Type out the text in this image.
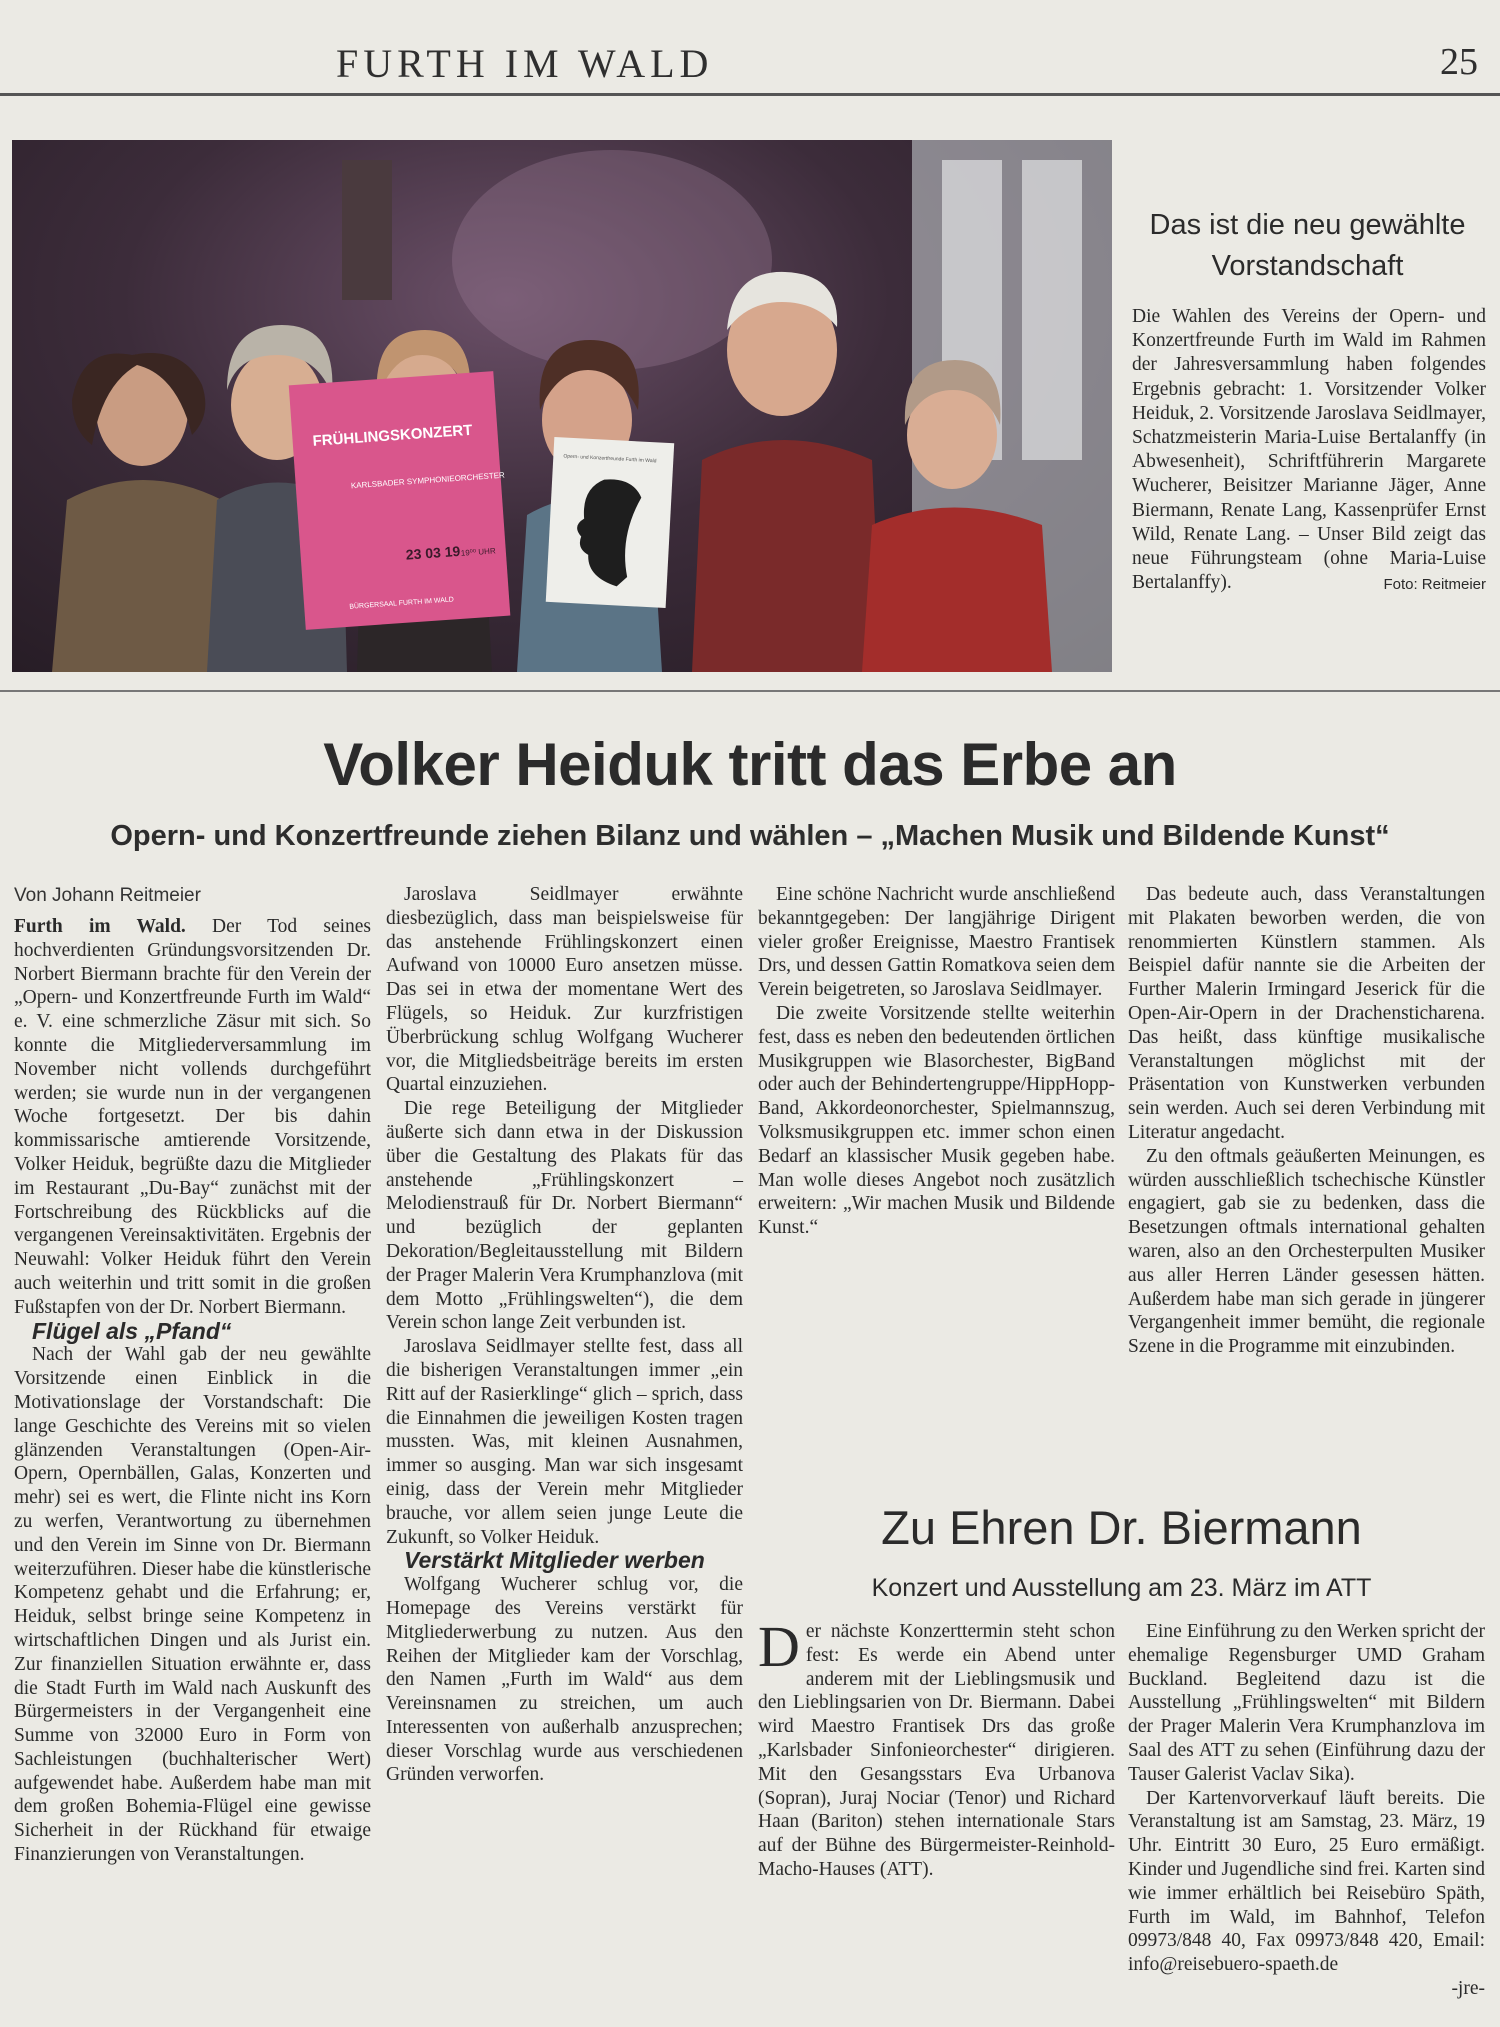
FURTH IM WALD	25
FRÜHLINGSKONZERT
KARLSBADER SYMPHONIEORCHESTER
23 03 19 19⁰⁰ UHR
BÜRGERSAAL FURTH IM WALD
Opern- und Konzertfreunde Furth im Wald
Das ist die neu gewählte Vorstandschaft
Die Wahlen des Vereins der Opern- und Konzertfreunde Furth im Wald im Rahmen der Jahresversammlung haben folgendes Ergebnis gebracht: 1. Vorsitzender Volker Heiduk, 2. Vorsitzende Jaroslava Seidlmayer, Schatzmeisterin Maria-Luise Bertalanffy (in Abwesenheit), Schriftführerin Margarete Wucherer, Beisitzer Marianne Jäger, Anne Biermann, Renate Lang, Kassenprüfer Ernst Wild, Renate Lang. – Unser Bild zeigt das neue Führungsteam (ohne Maria-Luise Bertalanffy).	Foto: Reitmeier
Volker Heiduk tritt das Erbe an
Opern- und Konzertfreunde ziehen Bilanz und wählen – „Machen Musik und Bildende Kunst“
Von Johann Reitmeier

Furth im Wald. Der Tod seines hochverdienten Gründungsvorsitzenden Dr. Norbert Biermann brachte für den Verein der „Opern- und Konzertfreunde Furth im Wald“ e. V. eine schmerzliche Zäsur mit sich. So konnte die Mitgliederversammlung im November nicht vollends durchgeführt werden; sie wurde nun in der vergangenen Woche fortgesetzt. Der bis dahin kommissarische amtierende Vorsitzende, Volker Heiduk, begrüßte dazu die Mitglieder im Restaurant „Du-Bay“ zunächst mit der Fortschreibung des Rückblicks auf die vergangenen Vereinsaktivitäten. Ergebnis der Neuwahl: Volker Heiduk führt den Verein auch weiterhin und tritt somit in die großen Fußstapfen von der Dr. Norbert Biermann.

Flügel als „Pfand“

Nach der Wahl gab der neu gewählte Vorsitzende einen Einblick in die Motivationslage der Vorstandschaft: Die lange Geschichte des Vereins mit so vielen glänzenden Veranstaltungen (Open-Air-Opern, Opernbällen, Galas, Konzerten und mehr) sei es wert, die Flinte nicht ins Korn zu werfen, Verantwortung zu übernehmen und den Verein im Sinne von Dr. Biermann weiterzuführen. Dieser habe die künstlerische Kompetenz gehabt und die Erfahrung; er, Heiduk, selbst bringe seine Kompetenz in wirtschaftlichen Dingen und als Jurist ein. Zur finanziellen Situation erwähnte er, dass die Stadt Furth im Wald nach Auskunft des Bürgermeisters in der Vergangenheit eine Summe von 32000 Euro in Form von Sachleistungen (buchhalterischer Wert) aufgewendet habe. Außerdem habe man mit dem großen Bohemia-Flügel eine gewisse Sicherheit in der Rückhand für etwaige Finanzierungen von Veranstaltungen.

Jaroslava Seidlmayer erwähnte diesbezüglich, dass man beispielsweise für das anstehende Frühlingskonzert einen Aufwand von 10000 Euro ansetzen müsse. Das sei in etwa der momentane Wert des Flügels, so Heiduk. Zur kurzfristigen Überbrückung schlug Wolfgang Wucherer vor, die Mitgliedsbeiträge bereits im ersten Quartal einzuziehen.

Die rege Beteiligung der Mitglieder äußerte sich dann etwa in der Diskussion über die Gestaltung des Plakats für das anstehende „Frühlingskonzert – Melodienstrauß für Dr. Norbert Biermann“ und bezüglich der geplanten Dekoration/Begleitausstellung mit Bildern der Prager Malerin Vera Krumphanzlova (mit dem Motto „Frühlingswelten“), die dem Verein schon lange Zeit verbunden ist.

Jaroslava Seidlmayer stellte fest, dass all die bisherigen Veranstaltungen immer „ein Ritt auf der Rasierklinge“ glich – sprich, dass die Einnahmen die jeweiligen Kosten tragen mussten. Was, mit kleinen Ausnahmen, immer so ausging. Man war sich insgesamt einig, dass der Verein mehr Mitglieder brauche, vor allem seien junge Leute die Zukunft, so Volker Heiduk.

Verstärkt Mitglieder werben

Wolfgang Wucherer schlug vor, die Homepage des Vereins verstärkt für Mitgliederwerbung zu nutzen. Aus den Reihen der Mitglieder kam der Vorschlag, den Namen „Furth im Wald“ aus dem Vereinsnamen zu streichen, um auch Interessenten von außerhalb anzusprechen; dieser Vorschlag wurde aus verschiedenen Gründen verworfen.

Eine schöne Nachricht wurde anschließend bekanntgegeben: Der langjährige Dirigent vieler großer Ereignisse, Maestro Frantisek Drs, und dessen Gattin Romatkova seien dem Verein beigetreten, so Jaroslava Seidlmayer.

Die zweite Vorsitzende stellte weiterhin fest, dass es neben den bedeutenden örtlichen Musikgruppen wie Blasorchester, BigBand oder auch der Behindertengruppe/HippHopp-Band, Akkordeonorchester, Spielmannszug, Volksmusikgruppen etc. immer schon einen Bedarf an klassischer Musik gegeben habe. Man wolle dieses Angebot noch zusätzlich erweitern: „Wir machen Musik und Bildende Kunst.“

Das bedeute auch, dass Veranstaltungen mit Plakaten beworben werden, die von renommierten Künstlern stammen. Als Beispiel dafür nannte sie die Arbeiten der Further Malerin Irmingard Jeserick für die Open-Air-Opern in der Drachensticharena. Das heißt, dass künftige musikalische Veranstaltungen möglichst mit der Präsentation von Kunstwerken verbunden sein werden. Auch sei deren Verbindung mit Literatur angedacht.

Zu den oftmals geäußerten Meinungen, es würden ausschließlich tschechische Künstler engagiert, gab sie zu bedenken, dass die Besetzungen oftmals international gehalten waren, also an den Orchesterpulten Musiker aus aller Herren Länder gesessen hätten. Außerdem habe man sich gerade in jüngerer Vergangenheit immer bemüht, die regionale Szene in die Programme mit einzubinden.

Zu Ehren Dr. Biermann
Konzert und Ausstellung am 23. März im ATT

Der nächste Konzerttermin steht schon fest: Es werde ein Abend unter anderem mit der Lieblingsmusik und den Lieblingsarien von Dr. Biermann. Dabei wird Maestro Frantisek Drs das große „Karlsbader Sinfonieorchester“ dirigieren. Mit den Gesangsstars Eva Urbanova (Sopran), Juraj Nociar (Tenor) und Richard Haan (Bariton) stehen internationale Stars auf der Bühne des Bürgermeister-Reinhold-Macho-Hauses (ATT).

Eine Einführung zu den Werken spricht der ehemalige Regensburger UMD Graham Buckland. Begleitend dazu ist die Ausstellung „Frühlingswelten“ mit Bildern der Prager Malerin Vera Krumphanzlova im Saal des ATT zu sehen (Einführung dazu der Tauser Galerist Vaclav Sika).

Der Kartenvorverkauf läuft bereits. Die Veranstaltung ist am Samstag, 23. März, 19 Uhr. Eintritt 30 Euro, 25 Euro ermäßigt. Kinder und Jugendliche sind frei. Karten sind wie immer erhältlich bei Reisebüro Späth, Furth im Wald, im Bahnhof, Telefon 09973/848 40, Fax 09973/848 420, Email: info@reisebuero-spaeth.de

-jre-
